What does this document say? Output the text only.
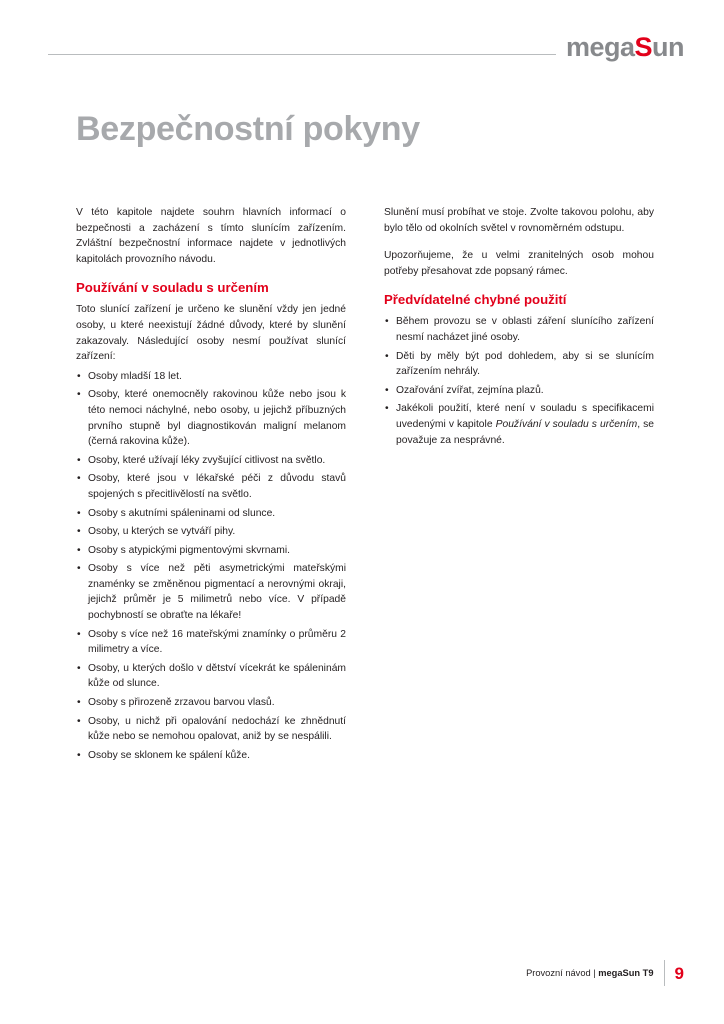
megaSun
Bezpečnostní pokyny

V této kapitole najdete souhrn hlavních informací o bezpečnosti a zacházení s tímto slunícím zařízením. Zvláštní bezpečnostní informace najdete v jednotlivých kapitolách provozního návodu.

Používání v souladu s určením

Toto slunící zařízení je určeno ke slunění vždy jen jedné osoby, u které neexistují žádné důvody, které by slunění zakazovaly. Následující osoby nesmí používat slunící zařízení:

• Osoby mladší 18 let.
• Osoby, které onemocněly rakovinou kůže nebo jsou k této nemoci náchylné, nebo osoby, u jejichž příbuzných prvního stupně byl diagnostikován maligní melanom (černá rakovina kůže).
• Osoby, které užívají léky zvyšující citlivost na světlo.
• Osoby, které jsou v lékařské péči z důvodu stavů spojených s přecitlivělostí na světlo.
• Osoby s akutními spáleninami od slunce.
• Osoby, u kterých se vytváří pihy.
• Osoby s atypickými pigmentovými skvrnami.
• Osoby s více než pěti asymetrickými mateřskými znaménky se změněnou pigmentací a nerovnými okraji, jejichž průměr je 5 milimetrů nebo více. V případě pochybností se obraťte na lékaře!
• Osoby s více než 16 mateřskými znamínky o průměru 2 milimetry a více.
• Osoby, u kterých došlo v dětství vícekrát ke spáleninám kůže od slunce.
• Osoby s přirozeně zrzavou barvou vlasů.
• Osoby, u nichž při opalování nedochází ke zhnědnutí kůže nebo se nemohou opalovat, aniž by se nespálili.
• Osoby se sklonem ke spálení kůže.

Slunění musí probíhat ve stoje. Zvolte takovou polohu, aby bylo tělo od okolních světel v rovnoměrném odstupu.

Upozorňujeme, že u velmi zranitelných osob mohou potřeby přesahovat zde popsaný rámec.

Předvídatelné chybné použití
• Během provozu se v oblasti záření slunícího zařízení nesmí nacházet jiné osoby.
• Děti by měly být pod dohledem, aby si se slunícím zařízením nehrály.
• Ozařování zvířat, zejmína plazů.
• Jakékoli použití, které není v souladu s specifikacemi uvedenými v kapitole Používání v souladu s určením, se považuje za nesprávné.
Provozní návod | megaSun T9 9
